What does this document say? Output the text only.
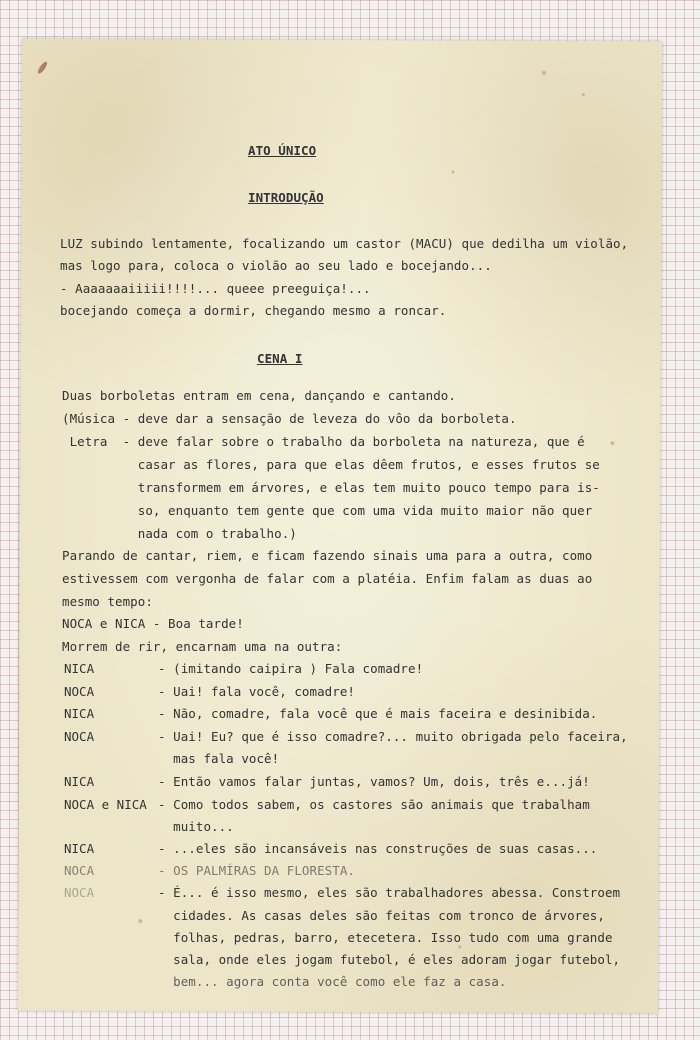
ATO ÚNICO
INTRODUÇÃO
LUZ subindo lentamente, focalizando um castor (MACU) que dedilha um violão,
mas logo para, coloca o violão ao seu lado e bocejando...
- Aaaaaaaiiiii!!!!... queee preeguiça!...
bocejando começa a dormir, chegando mesmo a roncar.
CENA I
Duas borboletas entram em cena, dançando e cantando.
(Música - deve dar a sensação de leveza do vôo da borboleta.
Letra  - deve falar sobre o trabalho da borboleta na natureza, que é
casar as flores, para que elas dêem frutos, e esses frutos se
transformem em árvores, e elas tem muito pouco tempo para is-
so, enquanto tem gente que com uma vida muito maior não quer
nada com o trabalho.)
Parando de cantar, riem, e ficam fazendo sinais uma para a outra, como
estivessem com vergonha de falar com a platéia. Enfim falam as duas ao
mesmo tempo:
NOCA e NICA - Boa tarde!
Morrem de rir, encarnam uma na outra:
NICA	- (imitando caipira ) Fala comadre!
NOCA	- Uai! fala você, comadre!
NICA	- Não, comadre, fala você que é mais faceira e desinibida.
NOCA	- Uai! Eu? que é isso comadre?... muito obrigada pelo faceira,
mas fala você!
NICA	- Então vamos falar juntas, vamos? Um, dois, três e...já!
NOCA e NICA - Como todos sabem, os castores são animais que trabalham
muito...
NICA	- ...eles são incansáveis nas construções de suas casas...
NOCA	- OS PALMÍRAS DA FLORESTA.
NOCA	- É... é isso mesmo, eles são trabalhadores abessa. Constroem
cidades. As casas deles são feitas com tronco de árvores,
folhas, pedras, barro, etecetera. Isso tudo com uma grande
sala, onde eles jogam futebol, é eles adoram jogar futebol,
bem... agora conta você como ele faz a casa.
